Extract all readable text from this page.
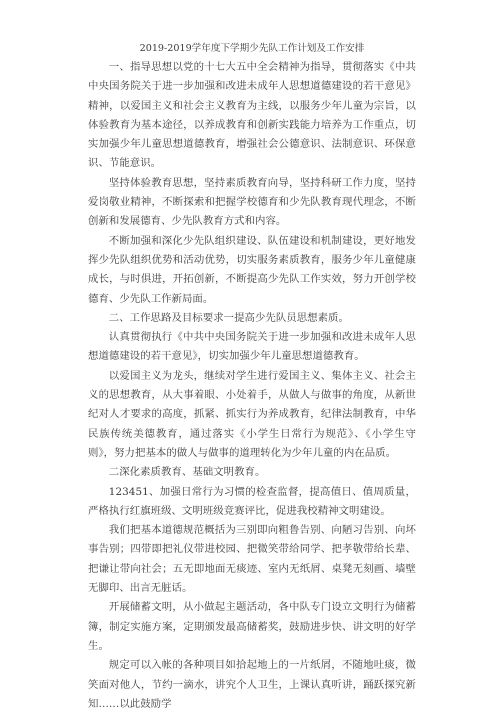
2019-2019学年度下学期少先队工作计划及工作安排

一、指导思想以党的十七大五中全会精神为指导，贯彻落实《中共中央国务院关于进一步加强和改进未成年人思想道德建设的若干意见》精神，以爱国主义和社会主义教育为主线，以服务少年儿童为宗旨，以体验教育为基本途径，以养成教育和创新实践能力培养为工作重点，切实加强少年儿童思想道德教育，增强社会公德意识、法制意识、环保意识、节能意识。

坚持体验教育思想，坚持素质教育向导，坚持科研工作力度，坚持爱岗敬业精神，不断探索和把握学校德育和少先队教育现代理念，不断创新和发展德育、少先队教育方式和内容。

不断加强和深化少先队组织建设、队伍建设和机制建设，更好地发挥少先队组织优势和活动优势，切实服务素质教育，服务少年儿童健康成长，与时俱进，开拓创新，不断提高少先队工作实效，努力开创学校德育、少先队工作新局面。

二、工作思路及目标要求一提高少先队员思想素质。

认真贯彻执行《中共中央国务院关于进一步加强和改进未成年人思想道德建设的若干意见》，切实加强少年儿童思想道德教育。

以爱国主义为龙头，继续对学生进行爱国主义、集体主义、社会主义的思想教育，从大事着眼、小处着手，从做人与做事的角度，从新世纪对人才要求的高度，抓紧、抓实行为养成教育，纪律法制教育，中华民族传统美德教育，通过落实《小学生日常行为规范》、《小学生守则》，努力把基本的做人与做事的道理转化为少年儿童的内在品质。

二深化素质教育、基础文明教育。

123451、加强日常行为习惯的检查监督，提高值日、值周质量，严格执行红旗班级、文明班级竞赛评比，促进我校精神文明建设。

我们把基本道德规范概括为三别即向粗鲁告别、向陋习告别、向坏事告别；四带即把礼仪带进校园、把微笑带给同学、把孝敬带给长辈、把谦让带向社会；五无即地面无痰迹、室内无纸屑、桌凳无刻画、墙壁无脚印、出言无脏话。

开展储蓄文明，从小做起主题活动，各中队专门设立文明行为储蓄簿，制定实施方案，定期颁发最高储蓄奖，鼓励进步快、讲文明的好学生。

规定可以入帐的各种项目如拾起地上的一片纸屑，不随地吐痰，微笑面对他人，节约一滴水，讲究个人卫生，上课认真听讲，踊跃探究新知……以此鼓励学
